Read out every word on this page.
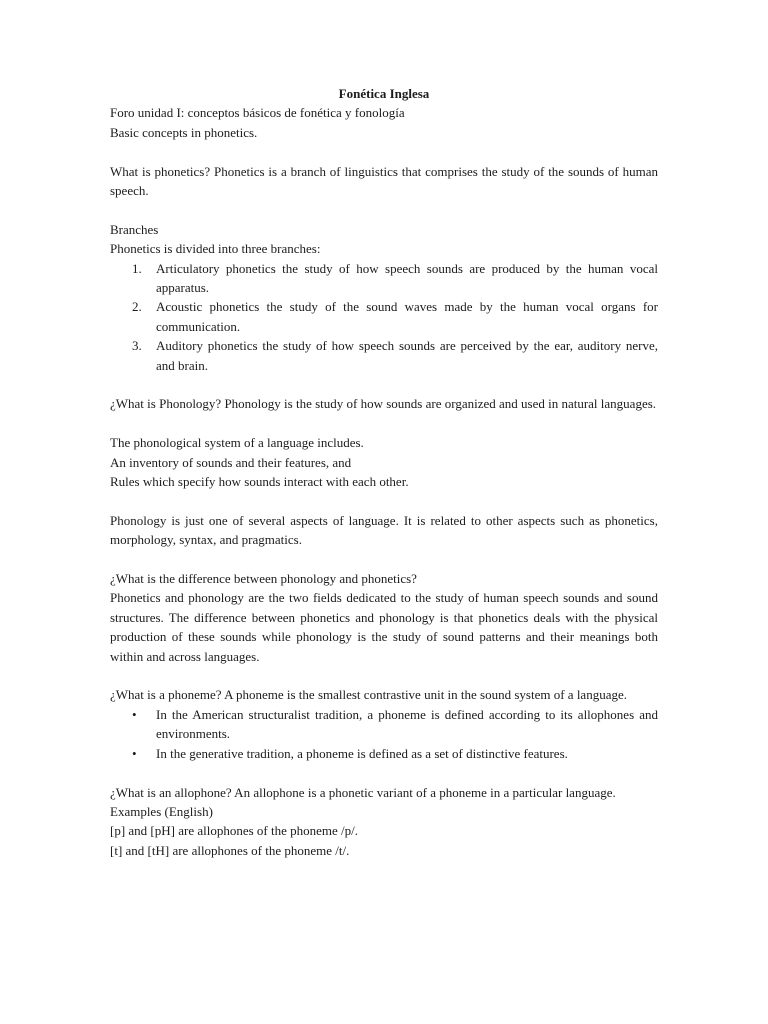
Fonética Inglesa

Foro unidad I: conceptos básicos de fonética y fonología

Basic concepts in phonetics.

What is phonetics? Phonetics is a branch of linguistics that comprises the study of the sounds of human speech.

Branches

Phonetics is divided into three branches:

1. Articulatory phonetics the study of how speech sounds are produced by the human vocal apparatus.
2. Acoustic phonetics the study of the sound waves made by the human vocal organs for communication.
3. Auditory phonetics the study of how speech sounds are perceived by the ear, auditory nerve, and brain.

¿What is Phonology? Phonology is the study of how sounds are organized and used in natural languages.

The phonological system of a language includes.

An inventory of sounds and their features, and

Rules which specify how sounds interact with each other.

Phonology is just one of several aspects of language. It is related to other aspects such as phonetics, morphology, syntax, and pragmatics.

¿What is the difference between phonology and phonetics?

Phonetics and phonology are the two fields dedicated to the study of human speech sounds and sound structures. The difference between phonetics and phonology is that phonetics deals with the physical production of these sounds while phonology is the study of sound patterns and their meanings both within and across languages.

¿What is a phoneme? A phoneme is the smallest contrastive unit in the sound system of a language.

• In the American structuralist tradition, a phoneme is defined according to its allophones and environments.
• In the generative tradition, a phoneme is defined as a set of distinctive features.

¿What is an allophone? An allophone is a phonetic variant of a phoneme in a particular language.

Examples (English)

[p] and [pH] are allophones of the phoneme /p/.

[t] and [tH] are allophones of the phoneme /t/.
